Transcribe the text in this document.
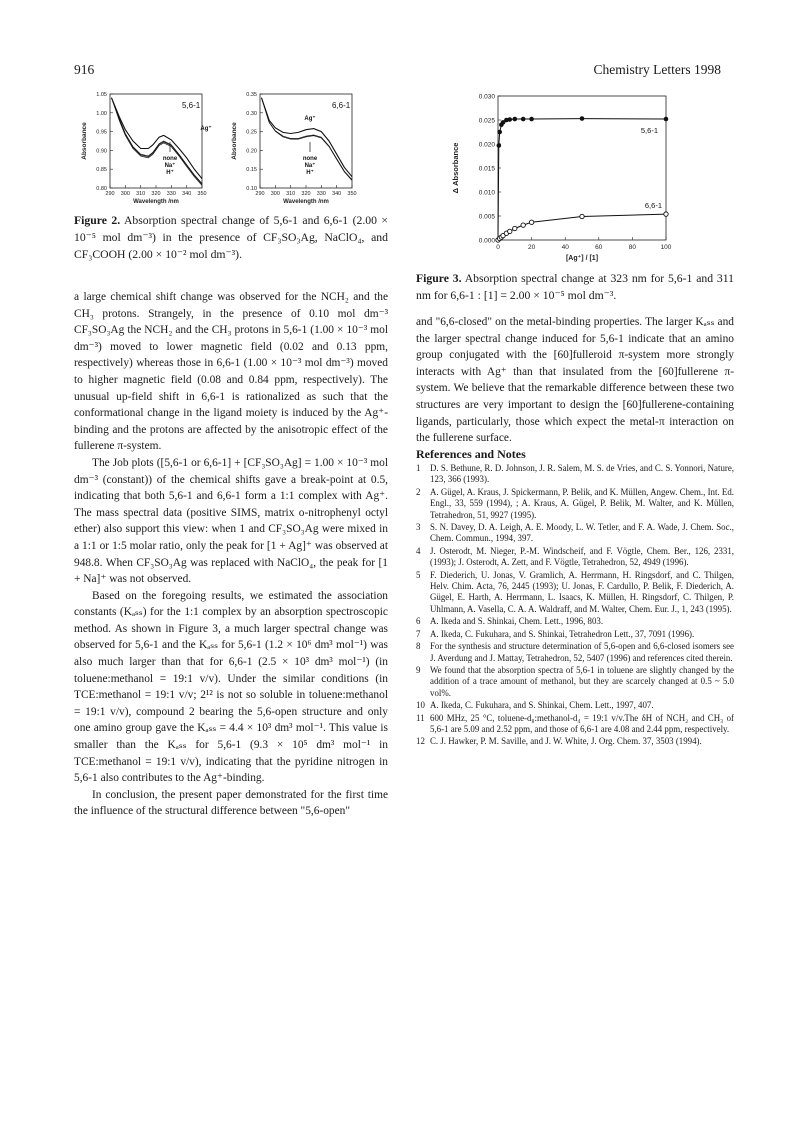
916	Chemistry Letters 1998
290 300 310 320 330 340 350
0.80
0.85
0.90
0.95
1.00
1.05
Wavelength /nm
Absorbance
5,6-1
Ag⁺
none
Na⁺
H⁺
290 300 310 320 330 340 350
0.10
0.15
0.20
0.25
0.30
0.35
Wavelength /nm
Absorbance
6,6-1
Ag⁺
none
Na⁺
H⁺
Figure 2. Absorption spectral change of 5,6-1 and 6,6-1 (2.00 × 10⁻⁵ mol dm⁻³) in the presence of CF₃SO₃Ag, NaClO₄, and CF₃COOH (2.00 × 10⁻² mol dm⁻³).
0	20	40	60	80	100
0.000
0.005
0.010
0.015
0.020
0.025
0.030
[Ag⁺] / [1]
Δ Absorbance
5,6-1
6,6-1
Figure 3. Absorption spectral change at 323 nm for 5,6-1 and 311 nm for 6,6-1 : [1] = 2.00 × 10⁻⁵ mol dm⁻³.

a large chemical shift change was observed for the NCH₂ and the CH₃ protons. Strangely, in the presence of 0.10 mol dm⁻³ CF₃SO₃Ag the NCH₂ and the CH₃ protons in 5,6-1 (1.00 × 10⁻³ mol dm⁻³) moved to lower magnetic field (0.02 and 0.13 ppm, respectively) whereas those in 6,6-1 (1.00 × 10⁻³ mol dm⁻³) moved to higher magnetic field (0.08 and 0.84 ppm, respectively). The unusual up-field shift in 6,6-1 is rationalized as such that the conformational change in the ligand moiety is induced by the Ag⁺-binding and the protons are affected by the anisotropic effect of the fullerene π-system.

The Job plots ([5,6-1 or 6,6-1] + [CF₃SO₃Ag] = 1.00 × 10⁻³ mol dm⁻³ (constant)) of the chemical shifts gave a break-point at 0.5, indicating that both 5,6-1 and 6,6-1 form a 1:1 complex with Ag⁺. The mass spectral data (positive SIMS, matrix o-nitrophenyl octyl ether) also support this view: when 1 and CF₃SO₃Ag were mixed in a 1:1 or 1:5 molar ratio, only the peak for [1 + Ag]⁺ was observed at 948.8. When CF₃SO₃Ag was replaced with NaClO₄, the peak for [1 + Na]⁺ was not observed.

Based on the foregoing results, we estimated the association constants (Kₐₛₛ) for the 1:1 complex by an absorption spectroscopic method. As shown in Figure 3, a much larger spectral change was observed for 5,6-1 and the Kₐₛₛ for 5,6-1 (1.2 × 10⁶ dm³ mol⁻¹) was also much larger than that for 6,6-1 (2.5 × 10³ dm³ mol⁻¹) (in toluene:methanol = 19:1 v/v). Under the similar conditions (in TCE:methanol = 19:1 v/v; 2¹² is not so soluble in toluene:methanol = 19:1 v/v), compound 2 bearing the 5,6-open structure and only one amino group gave the Kₐₛₛ = 4.4 × 10³ dm³ mol⁻¹. This value is smaller than the Kₐₛₛ for 5,6-1 (9.3 × 10⁵ dm³ mol⁻¹ in TCE:methanol = 19:1 v/v), indicating that the pyridine nitrogen in 5,6-1 also contributes to the Ag⁺-binding.

In conclusion, the present paper demonstrated for the first time the influence of the structural difference between "5,6-open"

and "6,6-closed" on the metal-binding properties. The larger Kₐₛₛ and the larger spectral change induced for 5,6-1 indicate that an amino group conjugated with the [60]fulleroid π-system more strongly interacts with Ag⁺ than that insulated from the [60]fullerene π-system. We believe that the remarkable difference between these two structures are very important to design the [60]fullerene-containing ligands, particularly, those which expect the metal-π interaction on the fullerene surface.

References and Notes
1	D. S. Bethune, R. D. Johnson, J. R. Salem, M. S. de Vries, and C. S. Yonnori, Nature, 123, 366 (1993).
2	A. Gügel, A. Kraus, J. Spickermann, P. Belik, and K. Müllen, Angew. Chem., Int. Ed. Engl., 33, 559 (1994), ; A. Kraus, A. Gügel, P. Belik, M. Walter, and K. Müllen, Tetrahedron, 51, 9927 (1995).
3	S. N. Davey, D. A. Leigh, A. E. Moody, L. W. Tetler, and F. A. Wade, J. Chem. Soc., Chem. Commun., 1994, 397.
4	J. Osterodt, M. Nieger, P.-M. Windscheif, and F. Vögtle, Chem. Ber., 126, 2331, (1993); J. Osterodt, A. Zett, and F. Vögtle, Tetrahedron, 52, 4949 (1996).
5	F. Diederich, U. Jonas, V. Gramlich, A. Herrmann, H. Ringsdorf, and C. Thilgen, Helv. Chim. Acta, 76, 2445 (1993); U. Jonas, F. Cardullo, P. Belik, F. Diederich, A. Gügel, E. Harth, A. Herrmann, L. Isaacs, K. Müllen, H. Ringsdorf, C. Thilgen, P. Uhlmann, A. Vasella, C. A. A. Waldraff, and M. Walter, Chem. Eur. J., 1, 243 (1995).
6	A. Ikeda and S. Shinkai, Chem. Lett., 1996, 803.
7	A. Ikeda, C. Fukuhara, and S. Shinkai, Tetrahedron Lett., 37, 7091 (1996).
8	For the synthesis and structure determination of 5,6-open and 6,6-closed isomers see J. Averdung and J. Mattay, Tetrahedron, 52, 5407 (1996) and references cited therein.
9	We found that the absorption spectra of 5,6-1 in toluene are slightly changed by the addition of a trace amount of methanol, but they are scarcely changed at 0.5 ~ 5.0 vol%.
10 A. Ikeda, C. Fukuhara, and S. Shinkai, Chem. Lett., 1997, 407.
11 600 MHz, 25 °C, toluene-d₈:methanol-d₄ = 19:1 v/v.The δH of NCH₂ and CH₃ of 5,6-1 are 5.09 and 2.52 ppm, and those of 6,6-1 are 4.08 and 2.44 ppm, respectively.
12 C. J. Hawker, P. M. Saville, and J. W. White, J. Org. Chem. 37, 3503 (1994).
